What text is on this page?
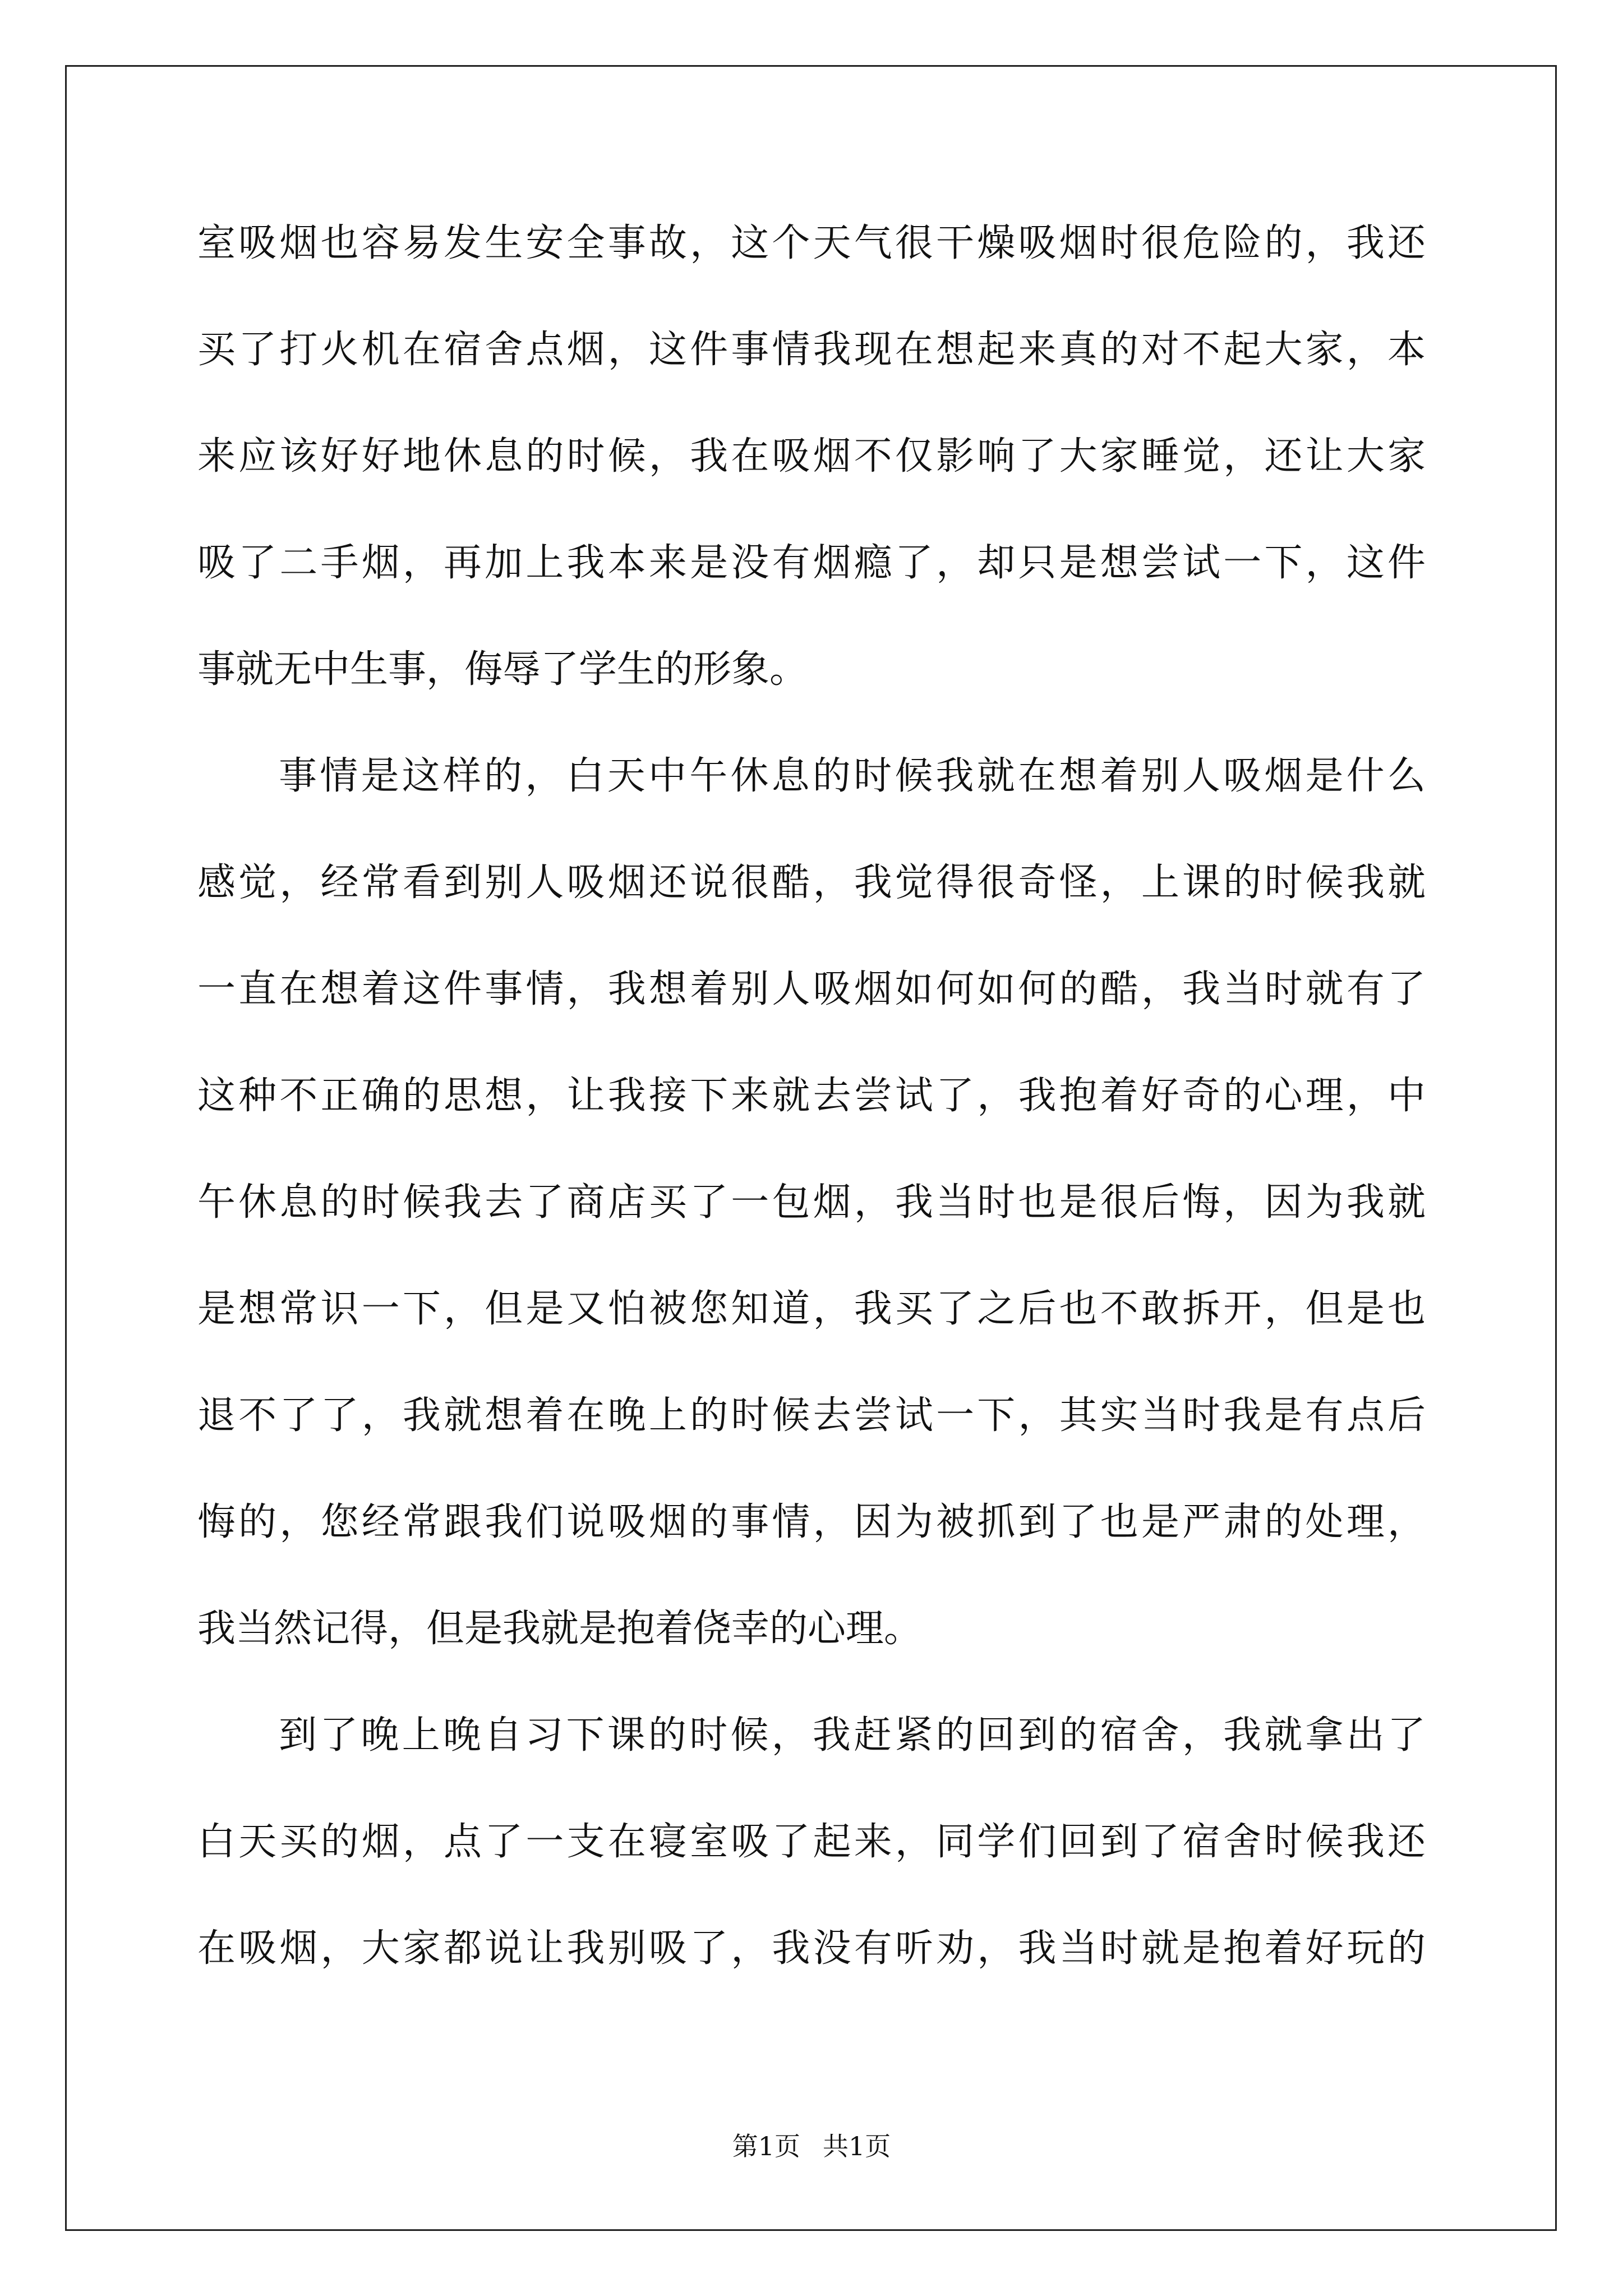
室吸烟也容易发生安全事故，这个天气很干燥吸烟时很危险的，我还
买了打火机在宿舍点烟，这件事情我现在想起来真的对不起大家，本
来应该好好地休息的时候，我在吸烟不仅影响了大家睡觉，还让大家
吸了二手烟，再加上我本来是没有烟瘾了，却只是想尝试一下，这件
事就无中生事，侮辱了学生的形象。
事情是这样的，白天中午休息的时候我就在想着别人吸烟是什么
感觉，经常看到别人吸烟还说很酷，我觉得很奇怪，上课的时候我就
一直在想着这件事情，我想着别人吸烟如何如何的酷，我当时就有了
这种不正确的思想，让我接下来就去尝试了，我抱着好奇的心理，中
午休息的时候我去了商店买了一包烟，我当时也是很后悔，因为我就
是想常识一下，但是又怕被您知道，我买了之后也不敢拆开，但是也
退不了了，我就想着在晚上的时候去尝试一下，其实当时我是有点后
悔的，您经常跟我们说吸烟的事情，因为被抓到了也是严肃的处理，
我当然记得，但是我就是抱着侥幸的心理。
到了晚上晚自习下课的时候，我赶紧的回到的宿舍，我就拿出了
白天买的烟，点了一支在寝室吸了起来，同学们回到了宿舍时候我还
在吸烟，大家都说让我别吸了，我没有听劝，我当时就是抱着好玩的
第1页 共1页
